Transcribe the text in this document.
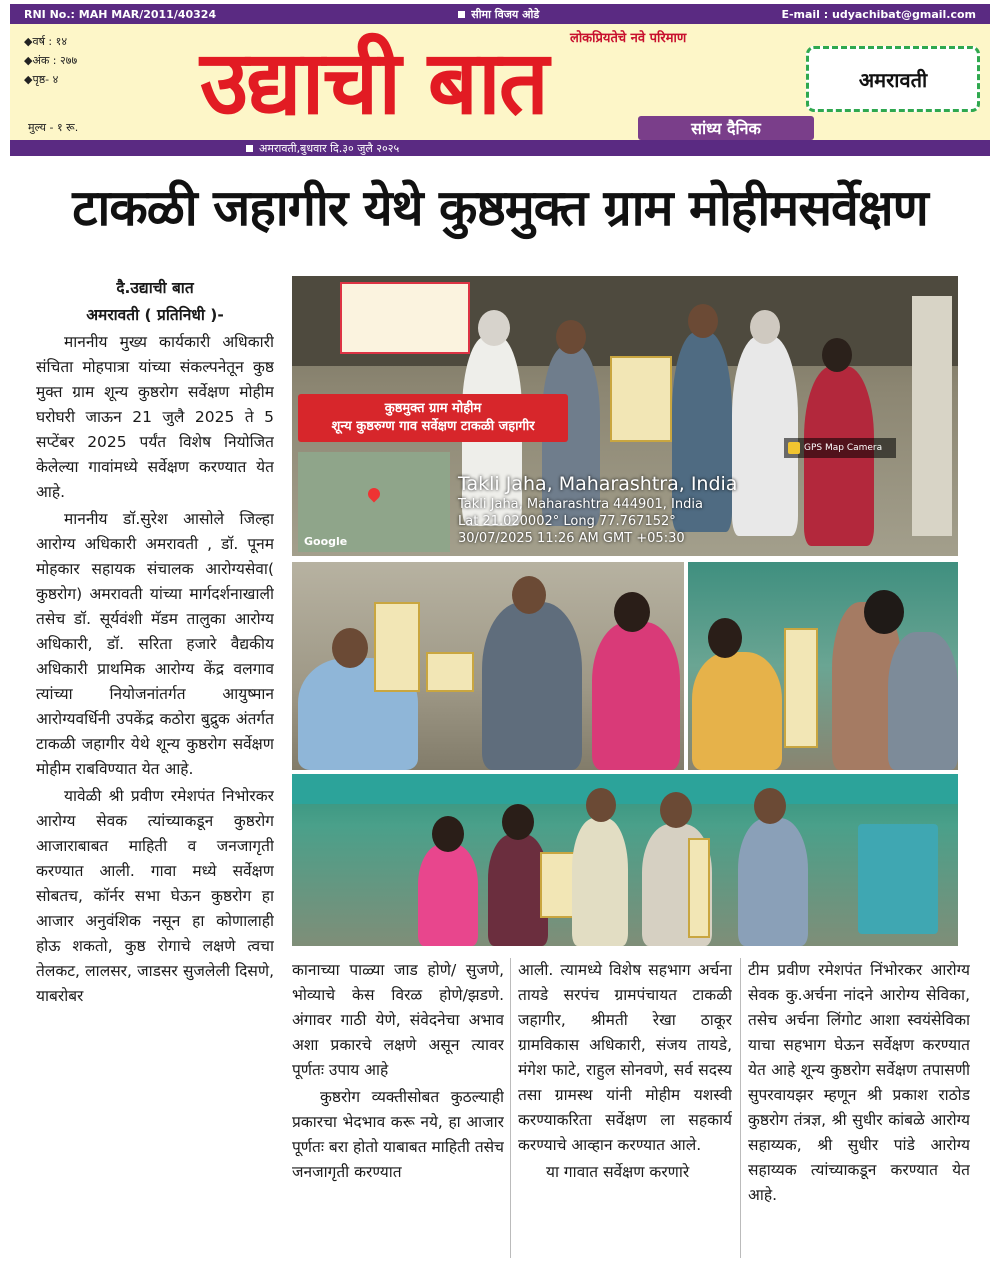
RNI No.: MAH MAR/2011/40324	सीमा विजय ओडे	E-mail : udyachibat@gmail.com
◆वर्ष : १४
◆अंक : २७७
◆पृष्ठ- ४
मुल्य - १ रू. उद्याची बात लोकप्रियतेचे नवे परिमाण
सांध्य दैनिक
अमरावती
अमरावती,बुधवार दि.३० जुलै २०२५
टाकळी जहागीर येथे कुष्ठमुक्त ग्राम मोहीमसर्वेक्षण

दै.उद्याची बात

अमरावती ( प्रतिनिधी )-

माननीय मुख्य कार्यकारी अधिकारी संचिता मोहपात्रा यांच्या संकल्पनेतून कुष्ठ मुक्त ग्राम शून्य कुष्ठरोग सर्वेक्षण मोहीम घरोघरी जाऊन 21 जुलै 2025 ते 5 सप्टेंबर 2025 पर्यंत विशेष नियोजित केलेल्या गावांमध्ये सर्वेक्षण करण्यात येत आहे.

माननीय डॉ.सुरेश आसोले जिल्हा आरोग्य अधिकारी अमरावती , डॉ. पूनम मोहकार सहायक संचालक आरोग्यसेवा( कुष्ठरोग) अमरावती यांच्या मार्गदर्शनाखाली तसेच डॉ. सूर्यवंशी मॅडम तालुका आरोग्य अधिकारी, डॉ. सरिता हजारे वैद्यकीय अधिकारी प्राथमिक आरोग्य केंद्र वलगाव त्यांच्या नियोजनांतर्गत आयुष्मान आरोग्यवर्धिनी उपकेंद्र कठोरा बुद्रुक अंतर्गत टाकळी जहागीर येथे शून्य कुष्ठरोग सर्वेक्षण मोहीम राबविण्यात येत आहे.

यावेळी श्री प्रवीण रमेशपंत निभोरकर आरोग्य सेवक त्यांच्याकडून कुष्ठरोग आजाराबाबत माहिती व जनजागृती करण्यात आली. गावा मध्ये सर्वेक्षण सोबतच, कॉर्नर सभा घेऊन कुष्ठरोग हा आजार अनुवंशिक नसून हा कोणालाही होऊ शकतो, कुष्ठ रोगाचे लक्षणे त्वचा तेलकट, लालसर, जाडसर सुजलेली दिसणे, याबरोबर

कुष्ठमुक्त ग्राम मोहीम
शून्य कुष्ठरुग्ण गाव सर्वेक्षण टाकळी जहागीर
GPS Map Camera
Google
Takli Jaha, Maharashtra, India
Takli Jaha, Maharashtra 444901, India
Lat 21.020002° Long 77.767152°
30/07/2025 11:26 AM GMT +05:30

कानाच्या पाळ्या जाड होणे/ सुजणे, भोव्याचे केस विरळ होणे/झडणे. अंगावर गाठी येणे, संवेदनेचा अभाव अशा प्रकारचे लक्षणे असून त्यावर पूर्णतः उपाय आहे

कुष्ठरोग व्यक्तीसोबत कुठल्याही प्रकारचा भेदभाव करू नये, हा आजार पूर्णतः बरा होतो याबाबत माहिती तसेच जनजागृती करण्यात

आली. त्यामध्ये विशेष सहभाग अर्चना तायडे सरपंच ग्रामपंचायत टाकळी जहागीर, श्रीमती रेखा ठाकूर ग्रामविकास अधिकारी, संजय तायडे, मंगेश फाटे, राहुल सोनवणे, सर्व सदस्य तसा ग्रामस्थ यांनी मोहीम यशस्वी करण्याकरिता सर्वेक्षण ला सहकार्य करण्याचे आव्हान करण्यात आले.

या गावात सर्वेक्षण करणारे

टीम प्रवीण रमेशपंत निंभोरकर आरोग्य सेवक कु.अर्चना नांदने आरोग्य सेविका, तसेच अर्चना लिंगोट आशा स्वयंसेविका याचा सहभाग घेऊन सर्वेक्षण करण्यात येत आहे शून्य कुष्ठरोग सर्वेक्षण तपासणी सुपरवायझर म्हणून श्री प्रकाश राठोड कुष्ठरोग तंत्रज्ञ, श्री सुधीर कांबळे आरोग्य सहाय्यक, श्री सुधीर पांडे आरोग्य सहाय्यक त्यांच्याकडून करण्यात येत आहे.
